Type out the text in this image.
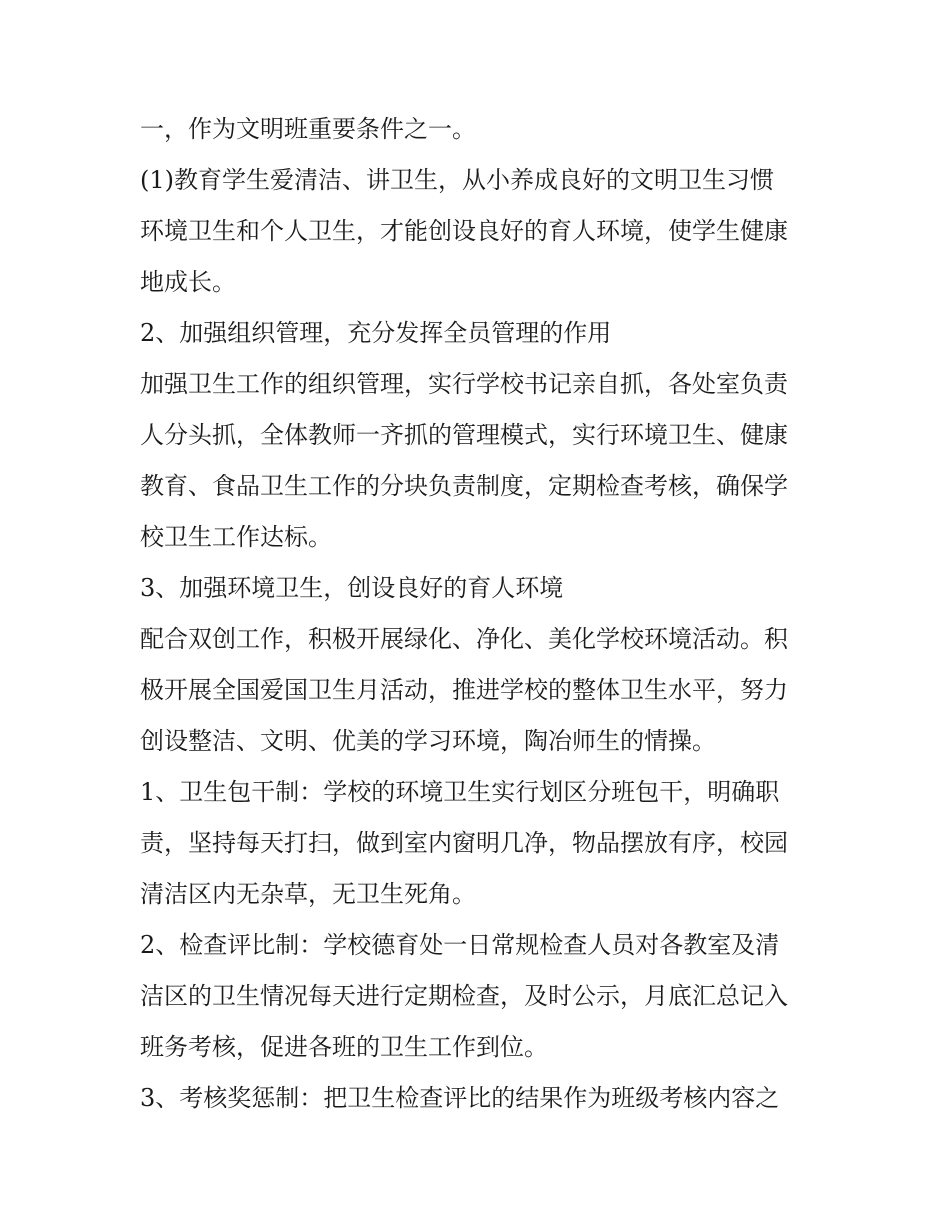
一，作为文明班重要条件之一。
(1)教育学生爱清洁、讲卫生，从小养成良好的文明卫生习惯
环境卫生和个人卫生，才能创设良好的育人环境，使学生健康
地成长。
2、加强组织管理，充分发挥全员管理的作用
加强卫生工作的组织管理，实行学校书记亲自抓，各处室负责
人分头抓，全体教师一齐抓的管理模式，实行环境卫生、健康
教育、食品卫生工作的分块负责制度，定期检查考核，确保学
校卫生工作达标。
3、加强环境卫生，创设良好的育人环境
配合双创工作，积极开展绿化、净化、美化学校环境活动。积
极开展全国爱国卫生月活动，推进学校的整体卫生水平，努力
创设整洁、文明、优美的学习环境，陶冶师生的情操。
1、卫生包干制：学校的环境卫生实行划区分班包干，明确职
责，坚持每天打扫，做到室内窗明几净，物品摆放有序，校园
清洁区内无杂草，无卫生死角。
2、检查评比制：学校德育处一日常规检查人员对各教室及清
洁区的卫生情况每天进行定期检查，及时公示，月底汇总记入
班务考核，促进各班的卫生工作到位。
3、考核奖惩制：把卫生检查评比的结果作为班级考核内容之
